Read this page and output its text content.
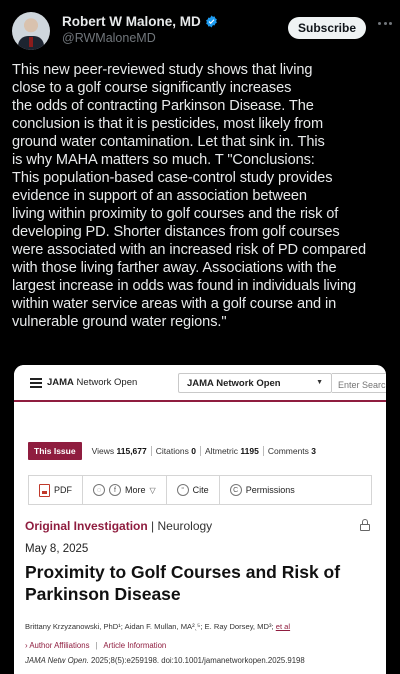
Robert W Malone, MD
@RWMaloneMD
Subscribe
This new peer-reviewed study shows that living
close to a golf course significantly increases
the odds of contracting Parkinson Disease. The
conclusion is that it is pesticides, most likely from
ground water contamination. Let that sink in. This
is why MAHA matters so much. T "Conclusions:
This population-based case-control study provides
evidence in support of an association between
living within proximity to golf courses and the risk of
developing PD. Shorter distances from golf courses
were associated with an increased risk of PD compared
with those living farther away. Associations with the
largest increase in odds was found in individuals living
within water service areas with a golf course and in
vulnerable ground water regions."
JAMA Network Open	JAMA Network Open	▼
Enter Search
This Issue	Views 115,677	Citations 0	Altmetric 1195	Comments 3
PDF	◌	f	More ▽	“ Cite	C Permissions
Original Investigation | Neurology
May 8, 2025
Proximity to Golf Courses and Risk of Parkinson Disease
Brittany Krzyzanowski, PhD¹; Aidan F. Mullan, MA²ˎ⁵; E. Ray Dorsey, MD³; et al
› Author Affiliations | Article Information
JAMA Netw Open. 2025;8(5):e259198. doi:10.1001/jamanetworkopen.2025.9198
